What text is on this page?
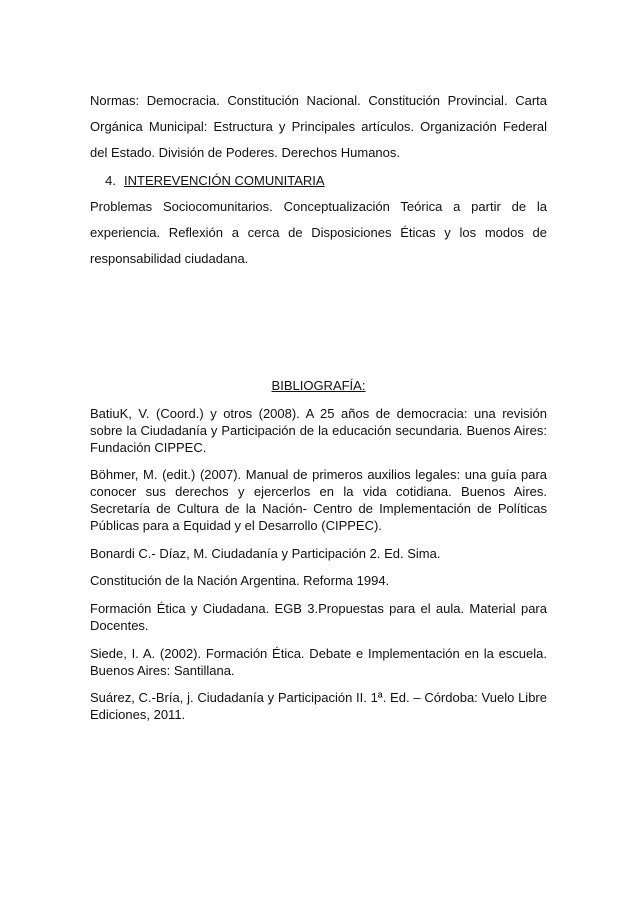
Normas: Democracia. Constitución Nacional. Constitución Provincial. Carta Orgánica Municipal: Estructura y Principales artículos. Organización Federal del Estado. División de Poderes. Derechos Humanos.

4. INTEREVENCIÓN COMUNITARIA

Problemas Sociocomunitarios. Conceptualización Teórica a partir de la experiencia. Reflexión a cerca de Disposiciones Éticas y los modos de responsabilidad ciudadana.

BIBLIOGRAFÍA:

BatiuK, V. (Coord.) y otros (2008). A 25 años de democracia: una revisión sobre la Ciudadanía y Participación de la educación secundaria. Buenos Aires: Fundación CIPPEC.

Böhmer, M. (edit.) (2007). Manual de primeros auxilios legales: una guía para conocer sus derechos y ejercerlos en la vida cotidiana. Buenos Aires. Secretaría de Cultura de la Nación- Centro de Implementación de Políticas Públicas para a Equidad y el Desarrollo (CIPPEC).

Bonardi C.- Díaz, M. Ciudadanía y Participación 2. Ed. Sima.

Constitución de la Nación Argentina. Reforma 1994.

Formación Ética y Ciudadana. EGB 3.Propuestas para el aula. Material para Docentes.

Siede, I. A. (2002). Formación Ética. Debate e Implementación en la escuela. Buenos Aires: Santillana.

Suárez, C.-Bría, j. Ciudadanía y Participación II. 1ª. Ed. – Córdoba: Vuelo Libre Ediciones, 2011.
